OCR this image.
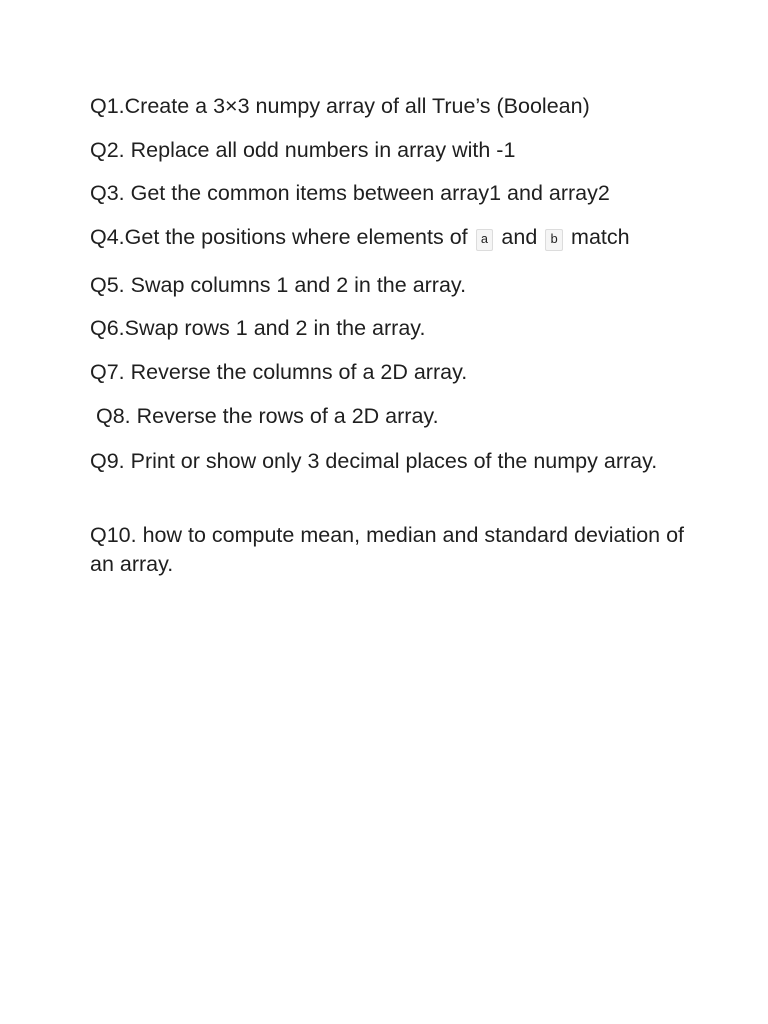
Q1.Create a 3×3 numpy array of all True’s (Boolean)

Q2. Replace all odd numbers in array with -1

Q3. Get the common items between array1 and array2

Q4.Get the positions where elements of a and b match

Q5. Swap columns 1 and 2 in the array.

Q6.Swap rows 1 and 2 in the array.

Q7. Reverse the columns of a 2D array.

Q8. Reverse the rows of a 2D array.

Q9. Print or show only 3 decimal places of the numpy array.

Q10. how to compute mean, median and standard deviation of an array.
